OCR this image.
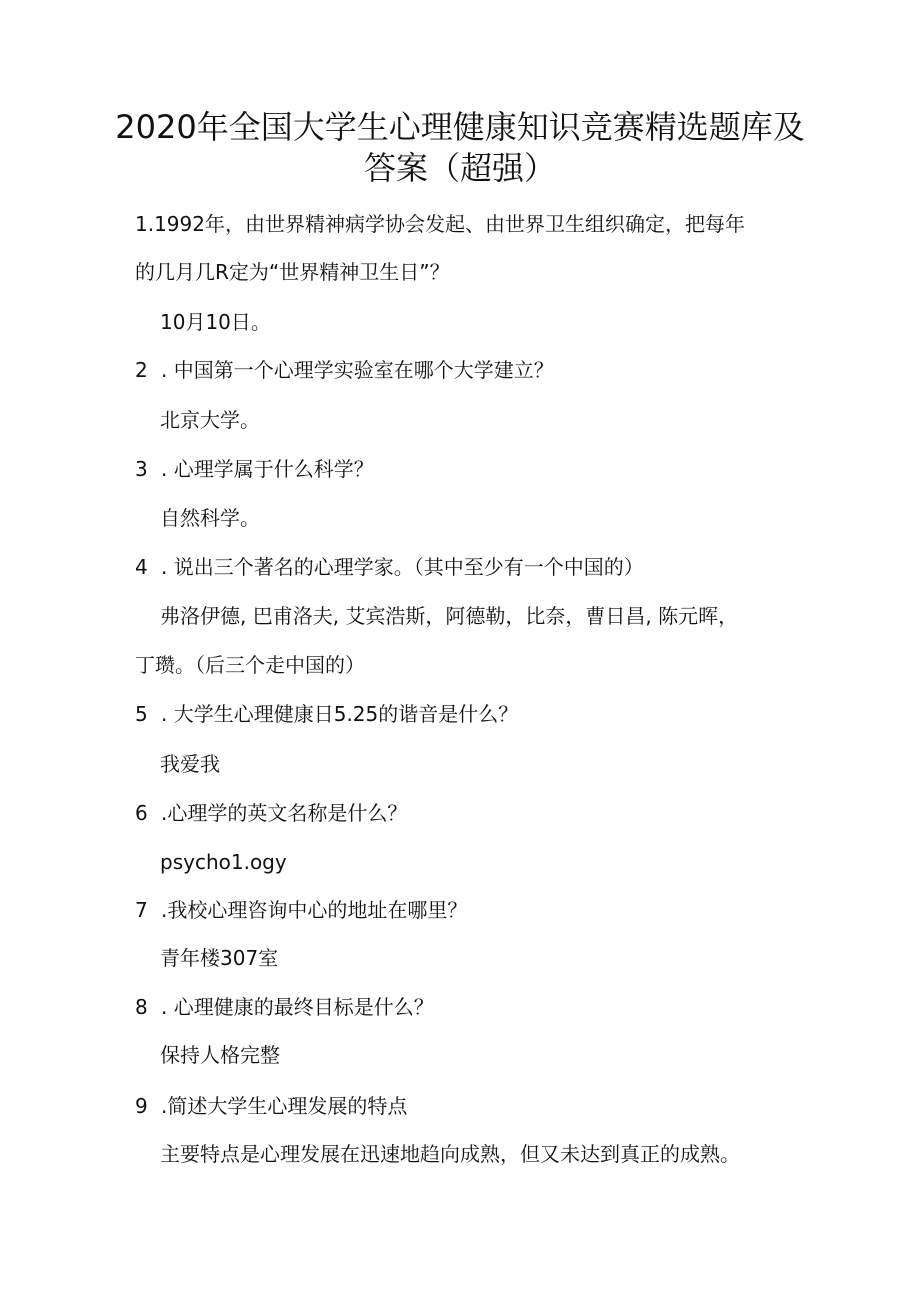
2020年全国大学生心理健康知识竞赛精选题库及
答案（超强）
1.1992年，由世界精神病学协会发起、由世界卫生组织确定，把每年
的几月几R定为“世界精神卫生日”？
10月10日。
2 . 中国第一个心理学实验室在哪个大学建立？
北京大学。
3 . 心理学属于什么科学？
自然科学。
4 . 说出三个著名的心理学家。（其中至少有一个中国的）
弗洛伊德, 巴甫洛夫, 艾宾浩斯，阿德勒，比奈，曹日昌, 陈元晖，
丁瓒。（后三个走中国的）
5 . 大学生心理健康日5.25的谐音是什么？
我爱我
6 .心理学的英文名称是什么？
psycho1.ogy
7 .我校心理咨询中心的地址在哪里？
青年楼307室
8 . 心理健康的最终目标是什么？
保持人格完整
9 .简述大学生心理发展的特点
主要特点是心理发展在迅速地趋向成熟，但又未达到真正的成熟。
